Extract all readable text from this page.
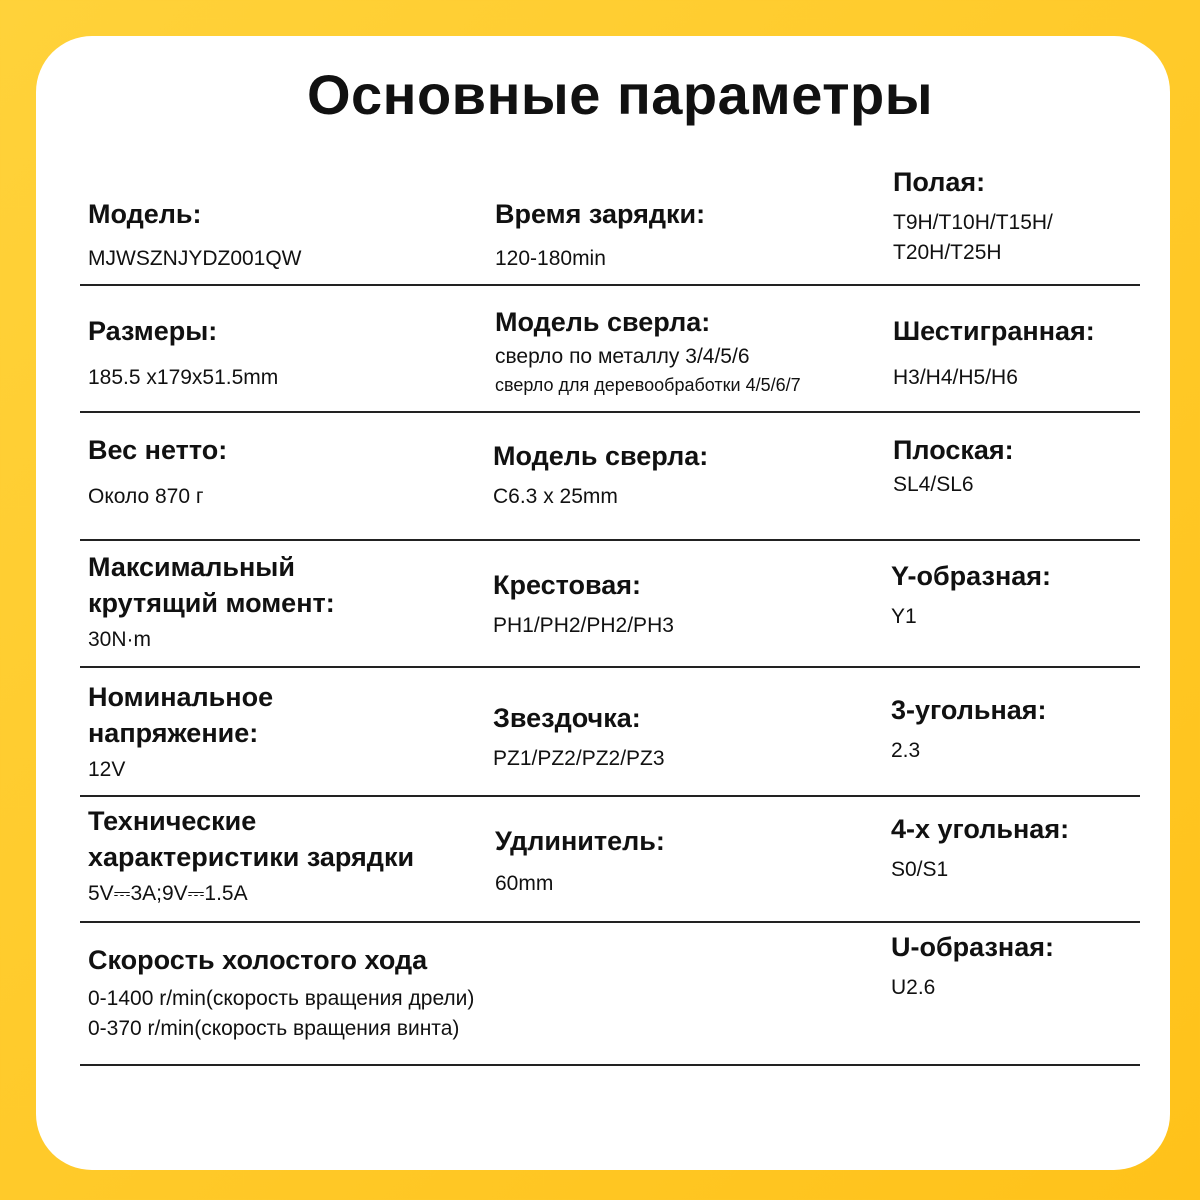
Основные параметры
Модель:
MJWSZNJYDZ001QW
Время зарядки:
120-180min
Полая:
T9H/T10H/T15H/
T20H/T25H
Размеры:
185.5 x179x51.5mm
Модель сверла:
сверло по металлу 3/4/5/6
сверло для деревообработки 4/5/6/7
Шестигранная:
H3/H4/H5/H6
Вес нетто:
Около 870 г
Модель сверла:
C6.3 x 25mm
Плоская:
SL4/SL6
Максимальный
крутящий момент:
30N·m
Крестовая:
PH1/PH2/PH2/PH3
Y-образная:
Y1
Номинальное
напряжение:
12V
Звездочка:
PZ1/PZ2/PZ2/PZ3
3-угольная:
2.3
Технические
характеристики зарядки
5V⎓3A;9V⎓1.5A
Удлинитель:
60mm
4-х угольная:
S0/S1
Скорость холостого хода
0-1400 r/min(скорость вращения дрели)
0-370 r/min(скорость вращения винта)
U-образная:
U2.6
